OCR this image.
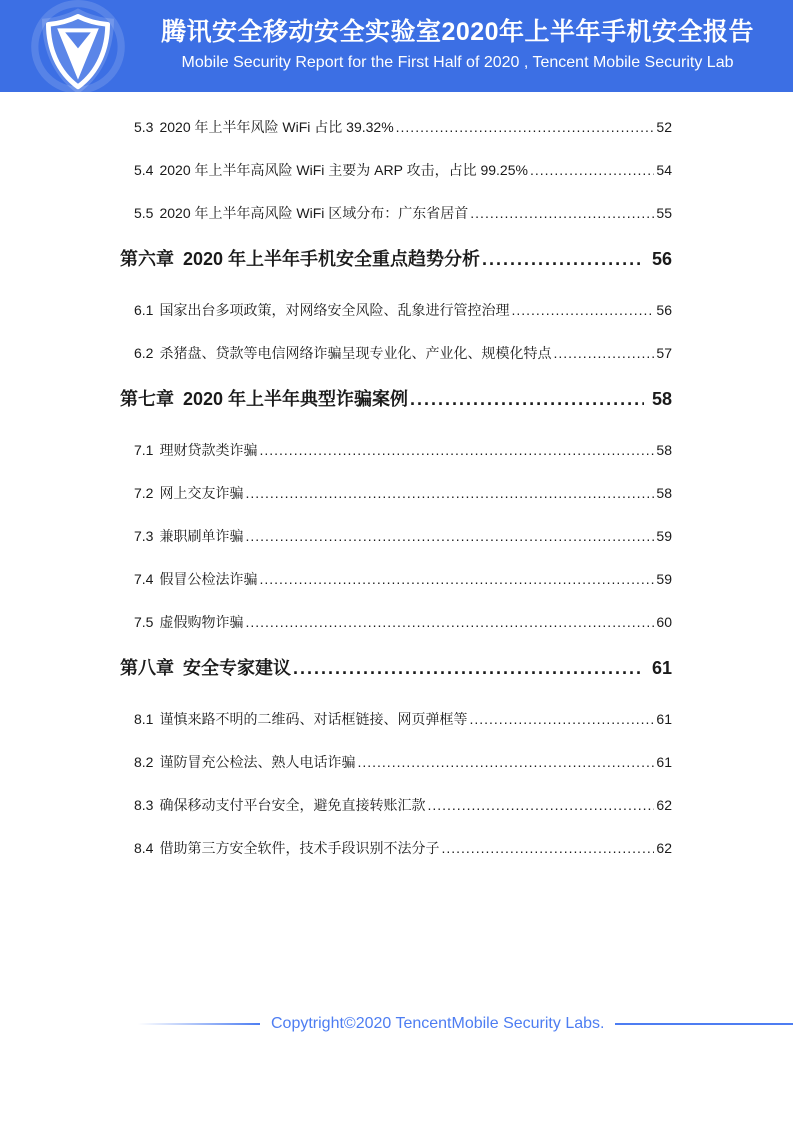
腾讯安全移动安全实验室2020年上半年手机安全报告
Mobile Security Report for the First Half of 2020 , Tencent Mobile Security Lab
5.3 2020 年上半年风险 WiFi 占比 39.32% .....	52
5.4 2020 年上半年高风险 WiFi 主要为 ARP 攻击，占比 99.25% .....	54
5.5 2020 年上半年高风险 WiFi 区域分布：广东省居首 .....	55
第六章 2020 年上半年手机安全重点趋势分析 .....	56
6.1 国家出台多项政策，对网络安全风险、乱象进行管控治理 .....	56
6.2 杀猪盘、贷款等电信网络诈骗呈现专业化、产业化、规模化特点 .....	57
第七章 2020 年上半年典型诈骗案例 .....	58
7.1 理财贷款类诈骗 .....	58
7.2 网上交友诈骗 .....	58
7.3 兼职刷单诈骗 .....	59
7.4 假冒公检法诈骗 .....	59
7.5 虚假购物诈骗 .....	60
第八章 安全专家建议 .....	61
8.1 谨慎来路不明的二维码、对话框链接、网页弹框等 .....	61
8.2 谨防冒充公检法、熟人电话诈骗 .....	61
8.3 确保移动支付平台安全，避免直接转账汇款 .....	62
8.4 借助第三方安全软件，技术手段识别不法分子 .....	62
Copytright©2020 TencentMobile Security Labs.
